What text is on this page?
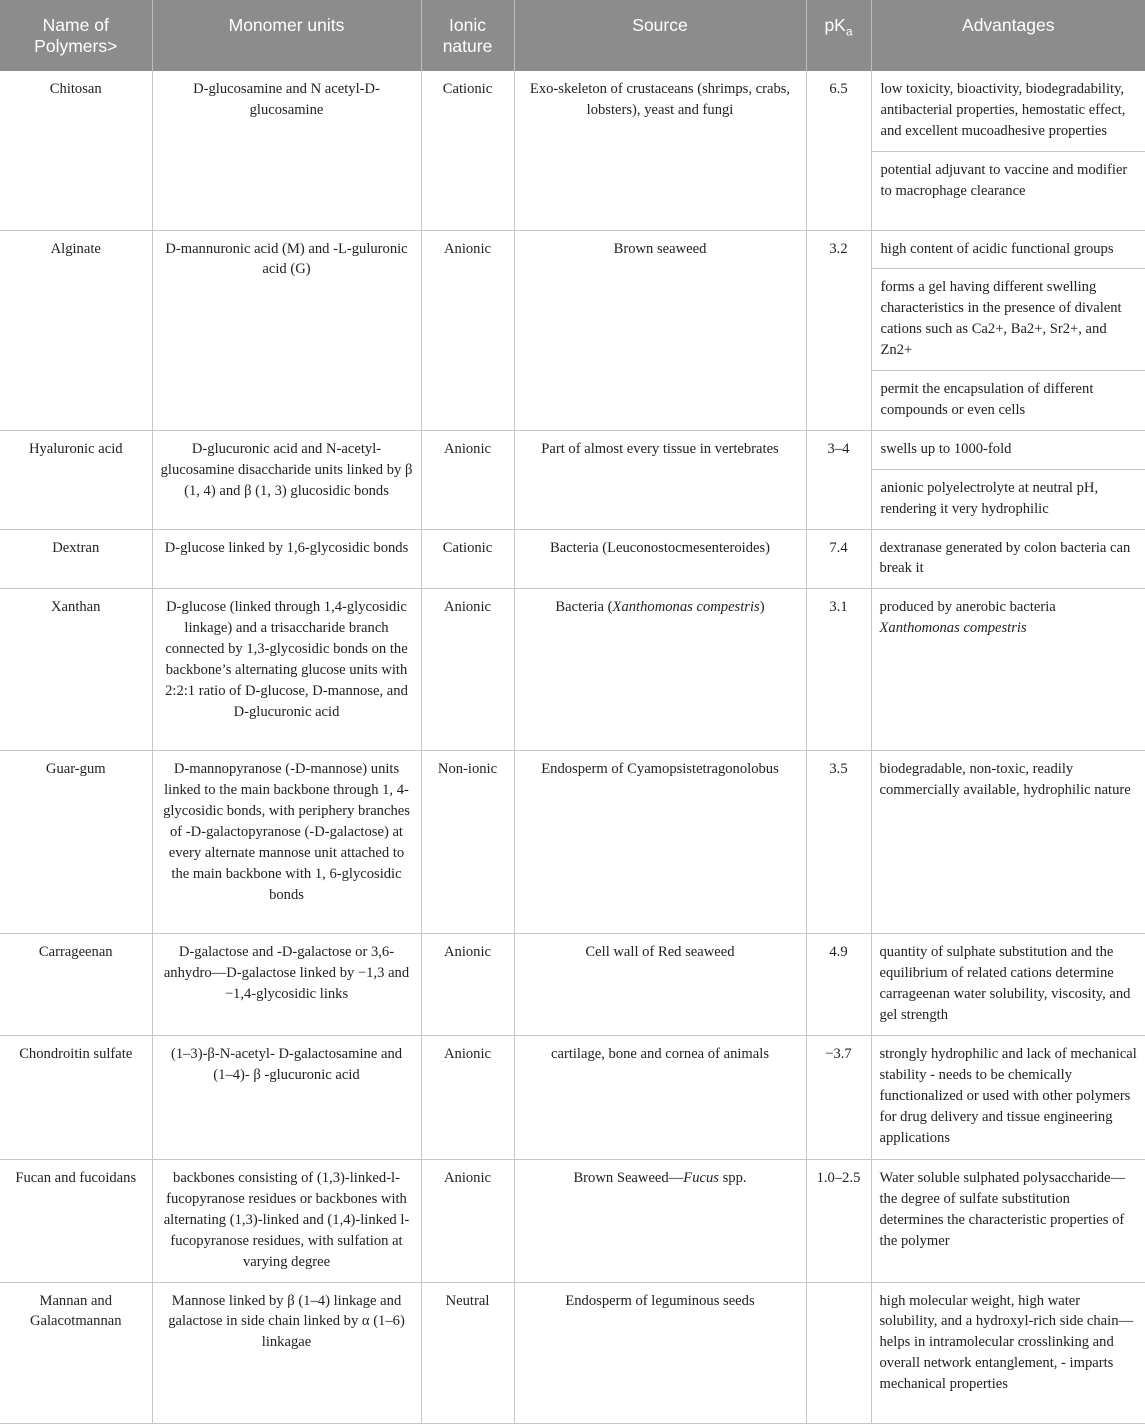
Name of Polymers>	Monomer units	Ionic nature	Source	$pK_a$	Advantages
Chitosan	D-glucosamine and N acetyl-D-glucosamine	Cationic	Exo-skeleton of crustaceans (shrimps, crabs, lobsters), yeast and fungi	6.5	low toxicity, bioactivity, biodegradability, antibacterial properties, hemostatic effect, and excellent mucoadhesive properties
potential adjuvant to vaccine and modifier to macrophage clearance

Alginate	D-mannuronic acid (M) and -L-guluronic acid (G)	Anionic	Brown seaweed	3.2	high content of acidic functional groups
forms a gel having different swelling characteristics in the presence of divalent cations such as Ca2+, Ba2+, Sr2+, and Zn2+
permit the encapsulation of different compounds or even cells

Hyaluronic acid	D-glucuronic acid and N-acetyl-glucosamine disaccharide units linked by β (1, 4) and β (1, 3) glucosidic bonds	Anionic	Part of almost every tissue in vertebrates	3–4	swells up to 1000-fold
anionic polyelectrolyte at neutral pH, rendering it very hydrophilic

Dextran	D-glucose linked by 1,6-glycosidic bonds	Cationic	Bacteria (Leuconostocmesenteroides)	7.4	dextranase generated by colon bacteria can break it
Xanthan	D-glucose (linked through 1,4-glycosidic linkage) and a trisaccharide branch connected by 1,3-glycosidic bonds on the backbone’s alternating glucose units with 2:2:1 ratio of D-glucose, D-mannose, and D-glucuronic acid	Anionic	Bacteria (Xanthomonas compestris)	3.1	produced by anerobic bacteria Xanthomonas compestris
Guar-gum	D-mannopyranose (-D-mannose) units linked to the main backbone through 1, 4-glycosidic bonds, with periphery branches of -D-galactopyranose (-D-galactose) at every alternate mannose unit attached to the main backbone with 1, 6-glycosidic bonds	Non-ionic	Endosperm of Cyamopsistetragonolobus	3.5	biodegradable, non-toxic, readily commercially available, hydrophilic nature
Carrageenan	D-galactose and -D-galactose or 3,6-anhydro—D-galactose linked by −1,3 and −1,4-glycosidic links	Anionic	Cell wall of Red seaweed	4.9	quantity of sulphate substitution and the equilibrium of related cations determine carrageenan water solubility, viscosity, and gel strength
Chondroitin sulfate	(1–3)-β-N-acetyl- D-galactosamine and (1–4)- β -glucuronic acid	Anionic	cartilage, bone and cornea of animals	−3.7	strongly hydrophilic and lack of mechanical stability - needs to be chemically functionalized or used with other polymers for drug delivery and tissue engineering applications
Fucan and fucoidans	backbones consisting of (1,3)-linked-l-fucopyranose residues or backbones with alternating (1,3)-linked and (1,4)-linked l-fucopyranose residues, with sulfation at varying degree	Anionic	Brown Seaweed—Fucus spp.	1.0–2.5	Water soluble sulphated polysaccharide—the degree of sulfate substitution determines the characteristic properties of the polymer
Mannan and Galacotmannan	Mannose linked by β (1–4) linkage and galactose in side chain linked by α (1–6) linkagae	Neutral	Endosperm of leguminous seeds		high molecular weight, high water solubility, and a hydroxyl-rich side chain—helps in intramolecular crosslinking and overall network entanglement, - imparts mechanical properties
